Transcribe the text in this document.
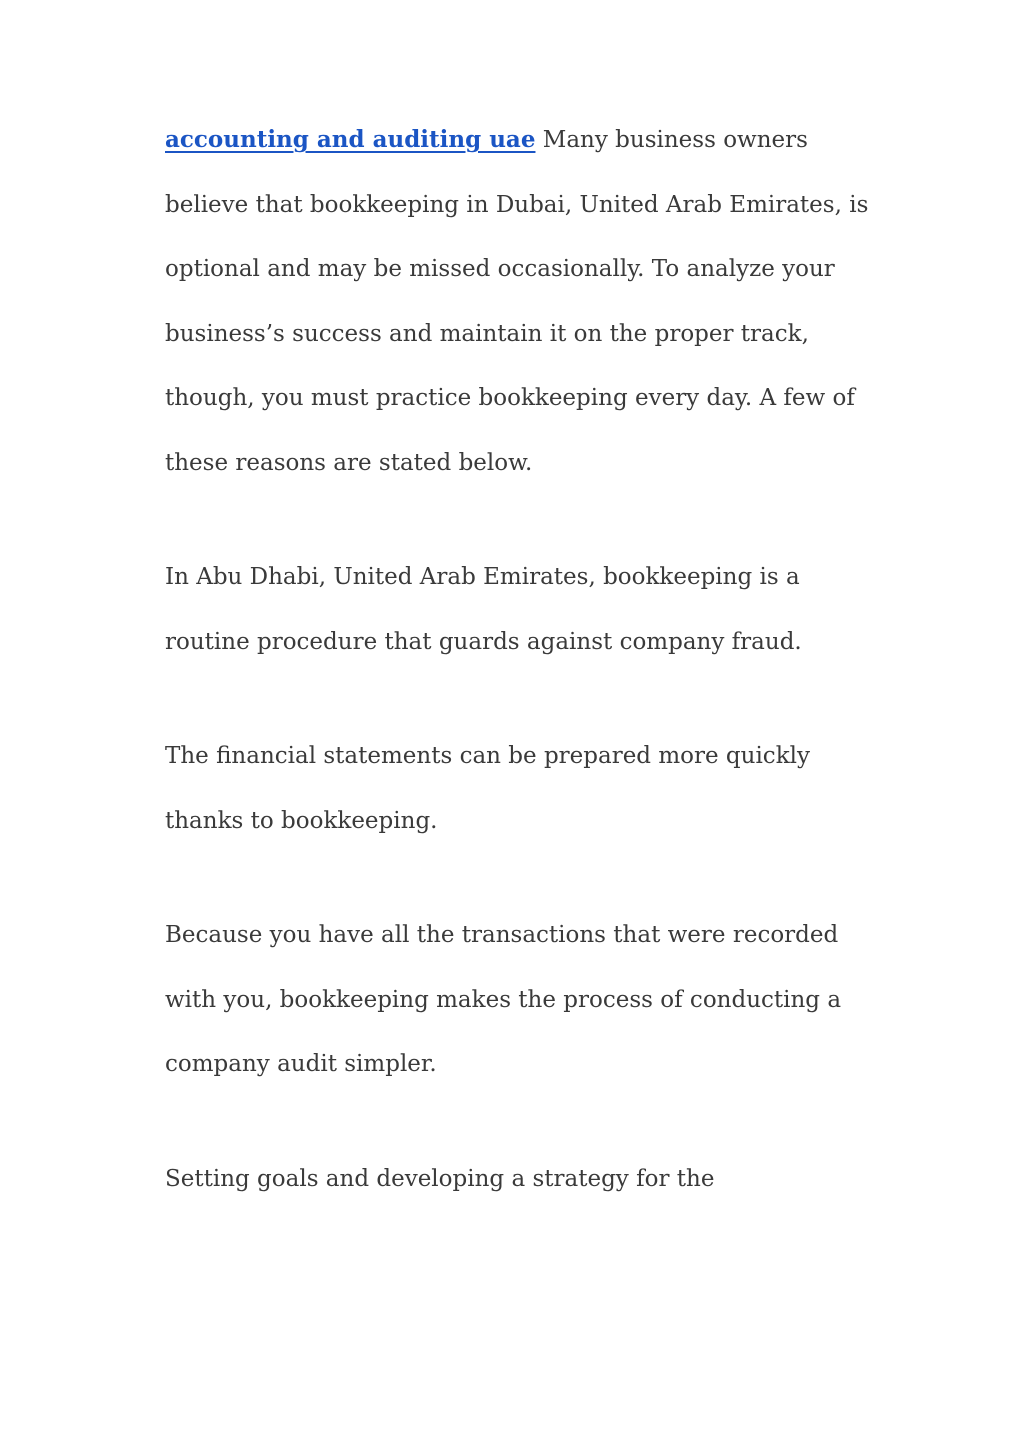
accounting and auditing uae Many business owners
believe that bookkeeping in Dubai, United Arab Emirates, is
optional and may be missed occasionally. To analyze your
business’s success and maintain it on the proper track,
though, you must practice bookkeeping every day. A few of
these reasons are stated below.

In Abu Dhabi, United Arab Emirates, bookkeeping is a
routine procedure that guards against company fraud.

The financial statements can be prepared more quickly
thanks to bookkeeping.

Because you have all the transactions that were recorded
with you, bookkeeping makes the process of conducting a
company audit simpler.

Setting goals and developing a strategy for the
